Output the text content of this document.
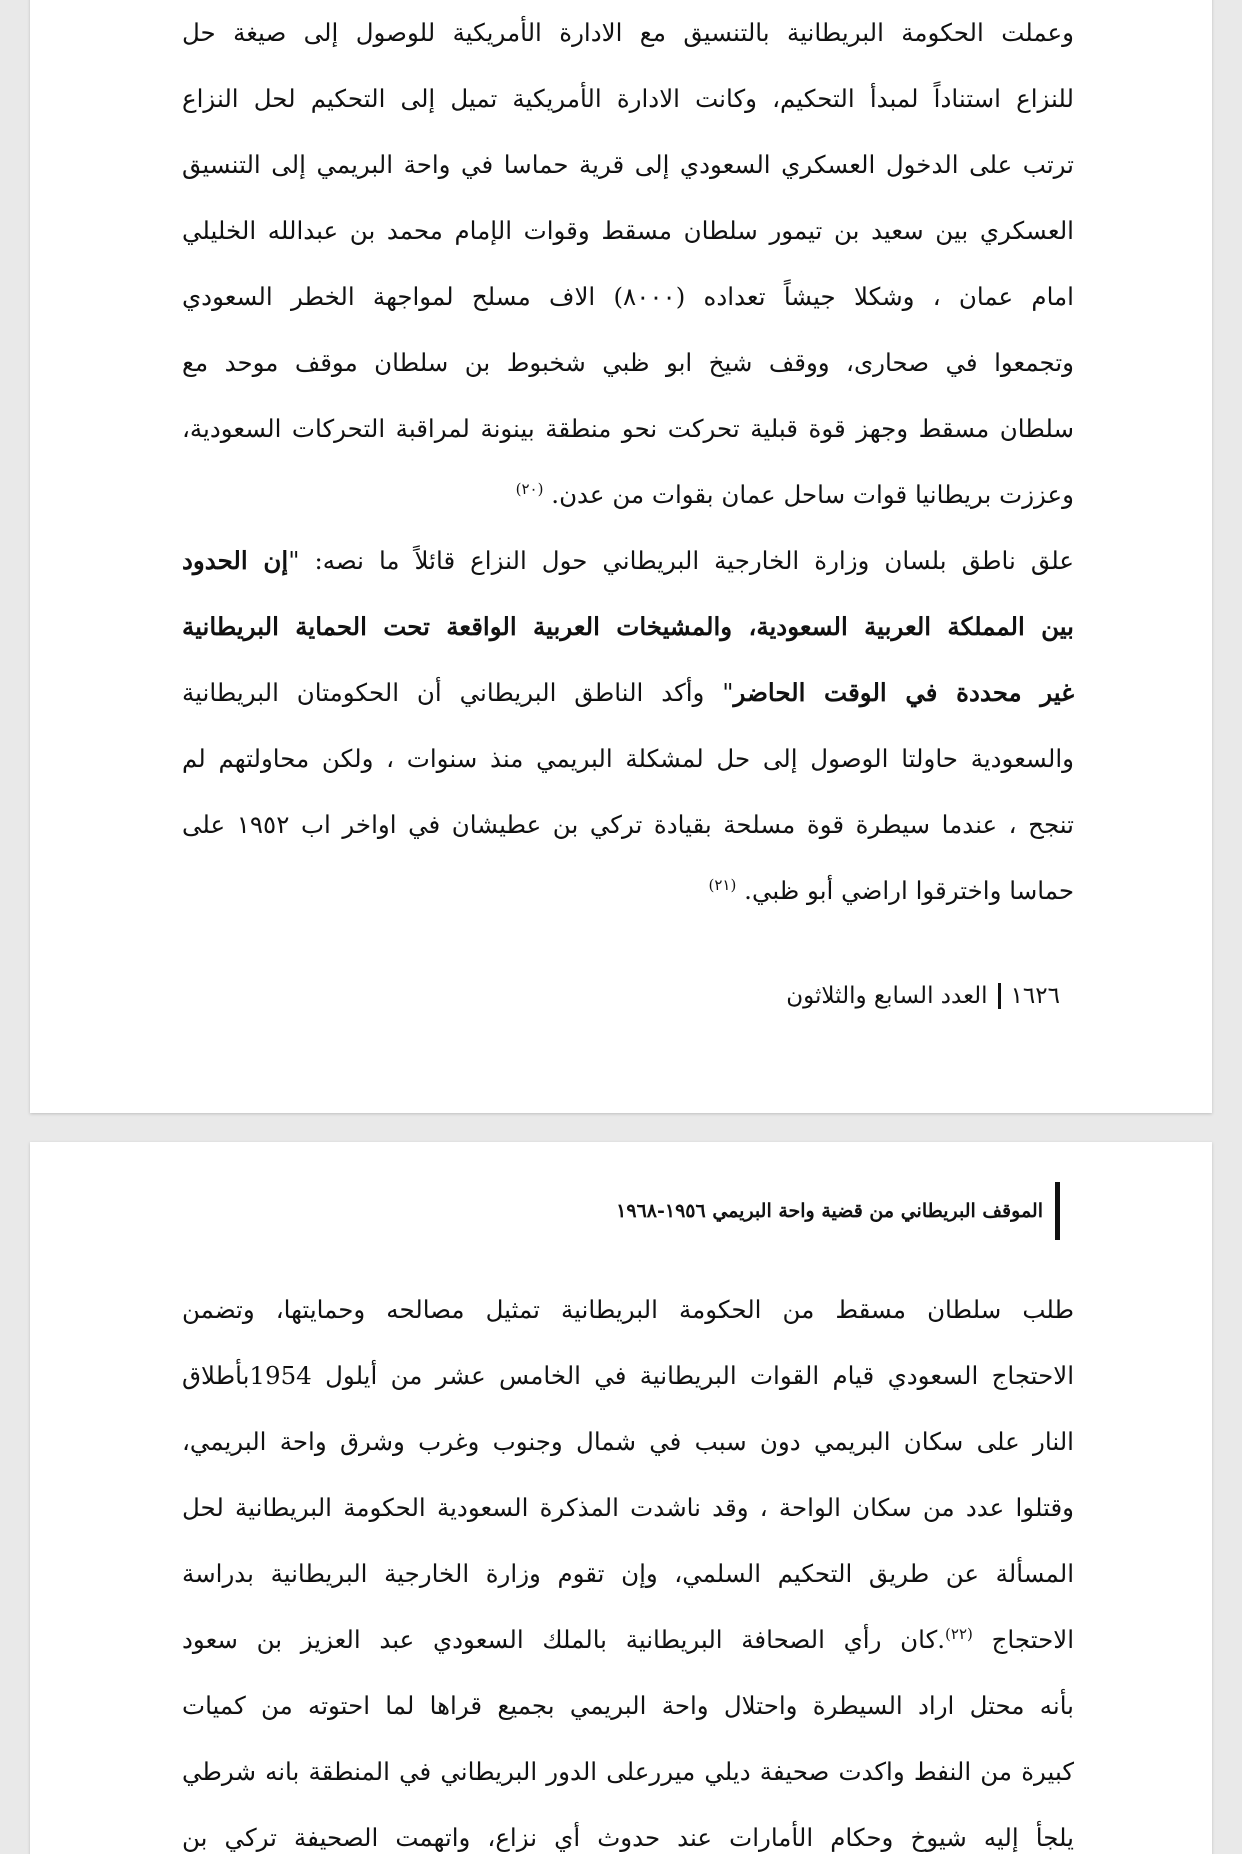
وعملت الحكومة البريطانية بالتنسيق مع الادارة الأمريكية للوصول إلى صيغة حل
للنزاع استناداً لمبدأ التحكيم، وكانت الادارة الأمريكية تميل إلى التحكيم لحل النزاع
ترتب على الدخول العسكري السعودي إلى قرية حماسا في واحة البريمي إلى التنسيق
العسكري بين سعيد بن تيمور سلطان مسقط وقوات الإمام محمد بن عبدالله الخليلي
امام عمان ، وشكلا جيشاً تعداده (٨٠٠٠) الاف مسلح لمواجهة الخطر السعودي
وتجمعوا في صحارى، ووقف شيخ ابو ظبي شخبوط بن سلطان موقف موحد مع
سلطان مسقط وجهز قوة قبلية تحركت نحو منطقة بينونة لمراقبة التحركات السعودية،
وعززت بريطانيا قوات ساحل عمان بقوات من عدن. $^{(٢٠)}$
علق ناطق بلسان وزارة الخارجية البريطاني حول النزاع قائلاً ما نصه: "إن الحدود
بين المملكة العربية السعودية، والمشيخات العربية الواقعة تحت الحماية البريطانية
غير محددة في الوقت الحاضر" وأكد الناطق البريطاني أن الحكومتان البريطانية
والسعودية حاولتا الوصول إلى حل لمشكلة البريمي منذ سنوات ، ولكن محاولتهم لم
تنجح ، عندما سيطرة قوة مسلحة بقيادة تركي بن عطيشان في اواخر اب ١٩٥٢ على
حماسا واخترقوا اراضي أبو ظبي. $^{(٢١)}$
١٦٢٦
العدد السابع والثلاثون
الموقف البريطاني من قضية واحة البريمي ١٩٥٦-١٩٦٨
طلب سلطان مسقط من الحكومة البريطانية تمثيل مصالحه وحمايتها، وتضمن
الاحتجاج السعودي قيام القوات البريطانية في الخامس عشر من أيلول 1954بأطلاق
النار على سكان البريمي دون سبب في شمال وجنوب وغرب وشرق واحة البريمي،
وقتلوا عدد من سكان الواحة ، وقد ناشدت المذكرة السعودية الحكومة البريطانية لحل
المسألة عن طريق التحكيم السلمي، وإن تقوم وزارة الخارجية البريطانية بدراسة
الاحتجاج $^{(٢٢)}$.كان رأي الصحافة البريطانية بالملك السعودي عبد العزيز بن سعود
بأنه محتل اراد السيطرة واحتلال واحة البريمي بجميع قراها لما احتوته من كميات
كبيرة من النفط واكدت صحيفة ديلي ميررعلى الدور البريطاني في المنطقة بانه شرطي
يلجأ إليه شيوخ وحكام الأمارات عند حدوث أي نزاع، واتهمت الصحيفة تركي بن
